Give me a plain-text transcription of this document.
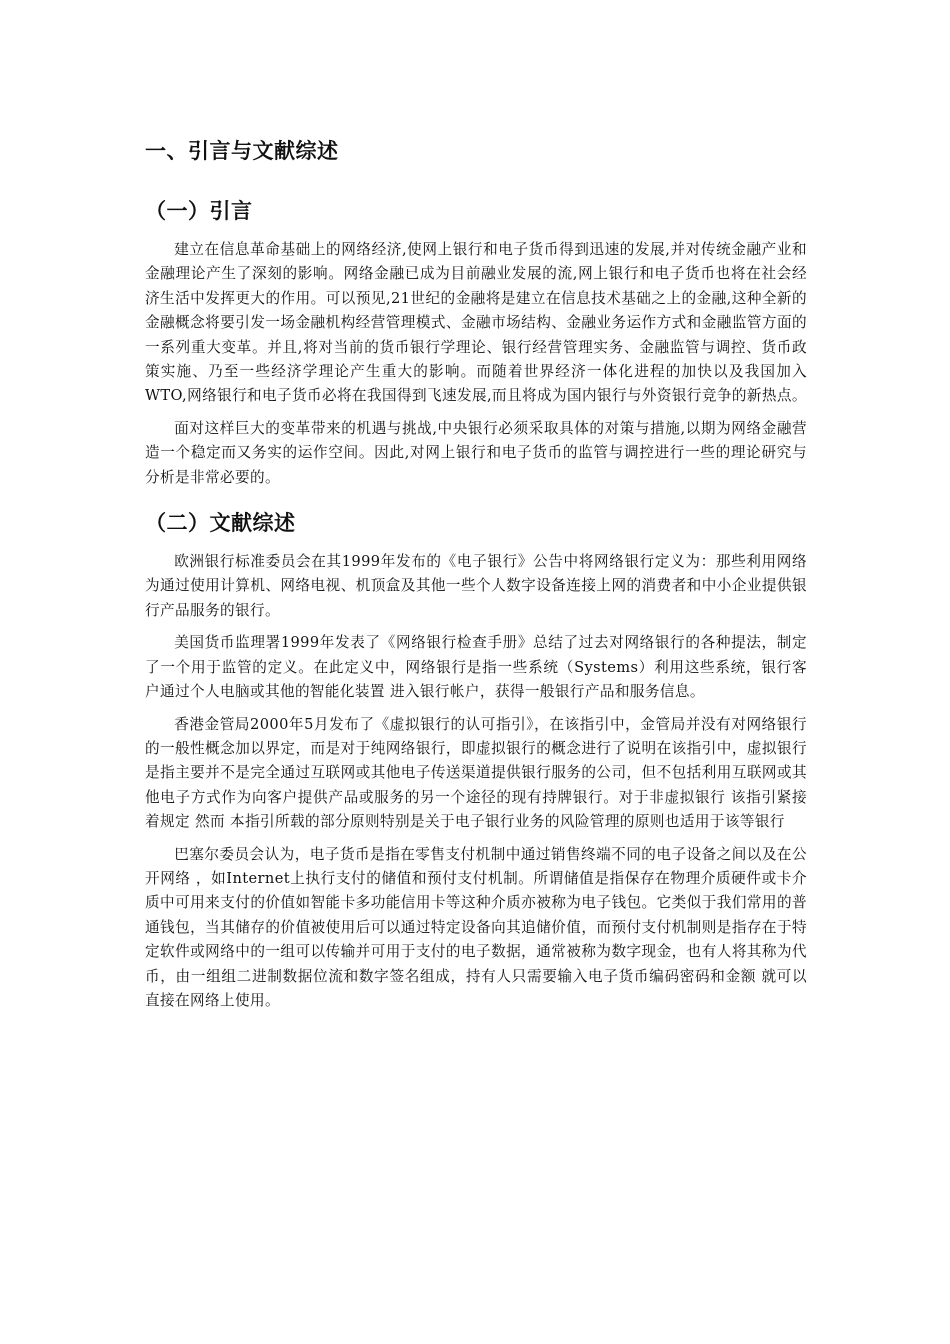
一、引言与文献综述
（一）引言

建立在信息革命基础上的网络经济,使网上银行和电子货币得到迅速的发展,并对传统金融产业和金融理论产生了深刻的影响。网络金融已成为目前融业发展的流,网上银行和电子货币也将在社会经济生活中发挥更大的作用。可以预见,21世纪的金融将是建立在信息技术基础之上的金融,这种全新的金融概念将要引发一场金融机构经营管理模式、金融市场结构、金融业务运作方式和金融监管方面的一系列重大变革。并且,将对当前的货币银行学理论、银行经营管理实务、金融监管与调控、货币政策实施、乃至一些经济学理论产生重大的影响。而随着世界经济一体化进程的加快以及我国加入WTO,网络银行和电子货币必将在我国得到飞速发展,而且将成为国内银行与外资银行竞争的新热点。

面对这样巨大的变革带来的机遇与挑战,中央银行必须采取具体的对策与措施,以期为网络金融营造一个稳定而又务实的运作空间。因此,对网上银行和电子货币的监管与调控进行一些的理论研究与分析是非常必要的。

（二）文献综述

欧洲银行标准委员会在其1999年发布的《电子银行》公告中将网络银行定义为：那些利用网络为通过使用计算机、网络电视、机顶盒及其他一些个人数字设备连接上网的消费者和中小企业提供银行产品服务的银行。

美国货币监理署1999年发表了《网络银行检查手册》总结了过去对网络银行的各种提法，制定了一个用于监管的定义。在此定义中，网络银行是指一些系统（Systems）利用这些系统，银行客户通过个人电脑或其他的智能化装置 进入银行帐户，获得一般银行产品和服务信息。

香港金管局2000年5月发布了《虚拟银行的认可指引》，在该指引中，金管局并没有对网络银行的一般性概念加以界定，而是对于纯网络银行，即虚拟银行的概念进行了说明在该指引中，虚拟银行是指主要并不是完全通过互联网或其他电子传送渠道提供银行服务的公司，但不包括利用互联网或其他电子方式作为向客户提供产品或服务的另一个途径的现有持牌银行。对于非虚拟银行 该指引紧接着规定 然而 本指引所载的部分原则特别是关于电子银行业务的风险管理的原则也适用于该等银行

巴塞尔委员会认为，电子货币是指在零售支付机制中通过销售终端不同的电子设备之间以及在公开网络 ，如Internet上执行支付的储值和预付支付机制。所谓储值是指保存在物理介质硬件或卡介质中可用来支付的价值如智能卡多功能信用卡等这种介质亦被称为电子钱包。它类似于我们常用的普通钱包，当其储存的价值被使用后可以通过特定设备向其追储价值，而预付支付机制则是指存在于特定软件或网络中的一组可以传输并可用于支付的电子数据，通常被称为数字现金，也有人将其称为代币，由一组组二进制数据位流和数字签名组成，持有人只需要输入电子货币编码密码和金额 就可以直接在网络上使用。
